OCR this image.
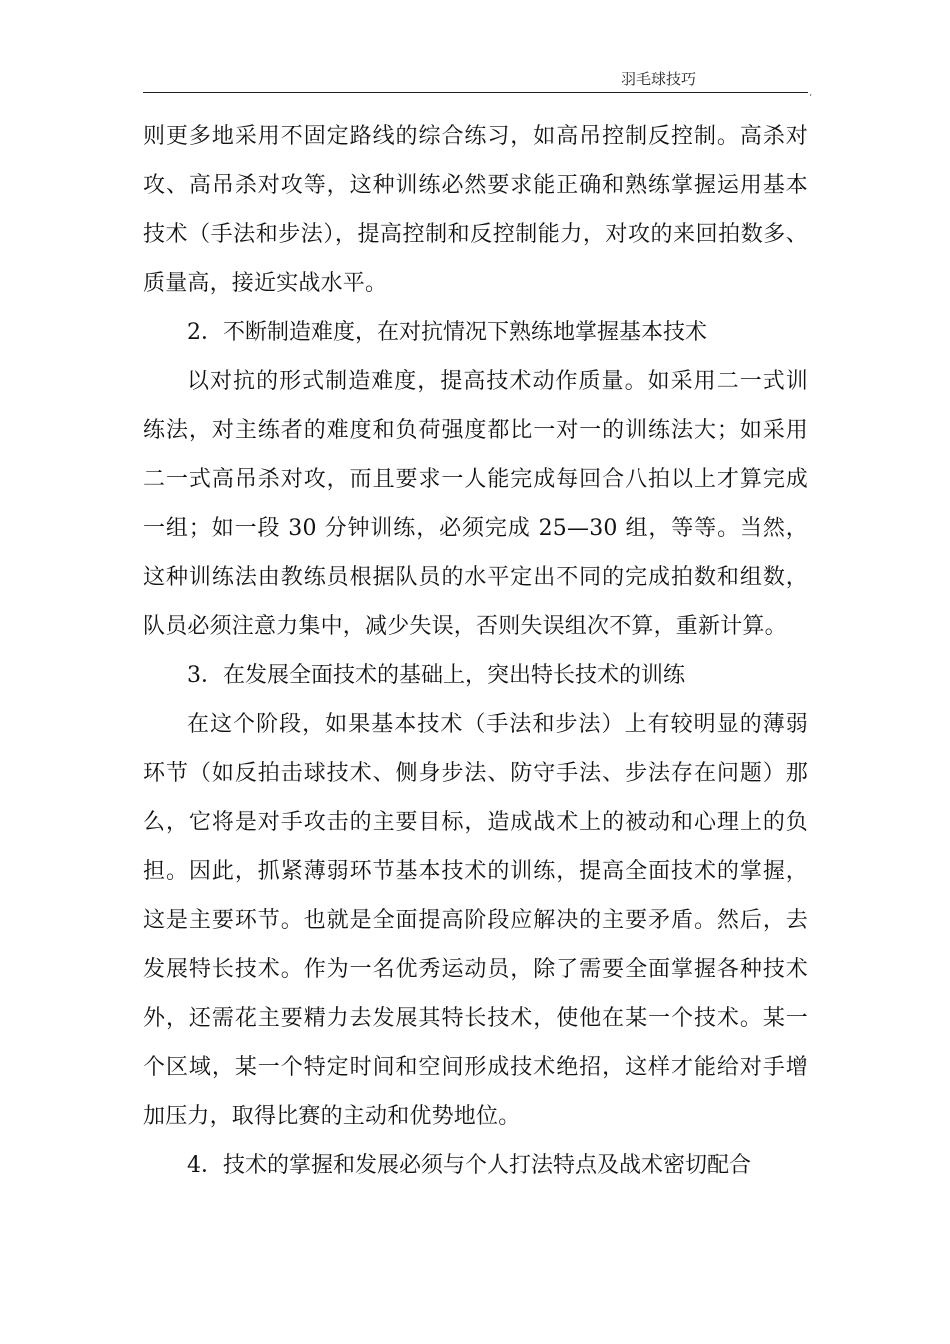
羽毛球技巧
,

则更多地采用不固定路线的综合练习，如高吊控制反控制。高杀对攻、高吊杀对攻等，这种训练必然要求能正确和熟练掌握运用基本技术（手法和步法），提高控制和反控制能力，对攻的来回拍数多、质量高，接近实战水平。

2．不断制造难度，在对抗情况下熟练地掌握基本技术

以对抗的形式制造难度，提高技术动作质量。如采用二一式训练法，对主练者的难度和负荷强度都比一对一的训练法大；如采用二一式高吊杀对攻，而且要求一人能完成每回合八拍以上才算完成一组；如一段 30 分钟训练，必须完成 25—30 组，等等。当然，这种训练法由教练员根据队员的水平定出不同的完成拍数和组数，队员必须注意力集中，减少失误，否则失误组次不算，重新计算。

3．在发展全面技术的基础上，突出特长技术的训练

在这个阶段，如果基本技术（手法和步法）上有较明显的薄弱环节（如反拍击球技术、侧身步法、防守手法、步法存在问题）那么，它将是对手攻击的主要目标，造成战术上的被动和心理上的负担。因此，抓紧薄弱环节基本技术的训练，提高全面技术的掌握，这是主要环节。也就是全面提高阶段应解决的主要矛盾。然后，去发展特长技术。作为一名优秀运动员，除了需要全面掌握各种技术外，还需花主要精力去发展其特长技术，使他在某一个技术。某一个区域，某一个特定时间和空间形成技术绝招，这样才能给对手增加压力，取得比赛的主动和优势地位。

4．技术的掌握和发展必须与个人打法特点及战术密切配合
